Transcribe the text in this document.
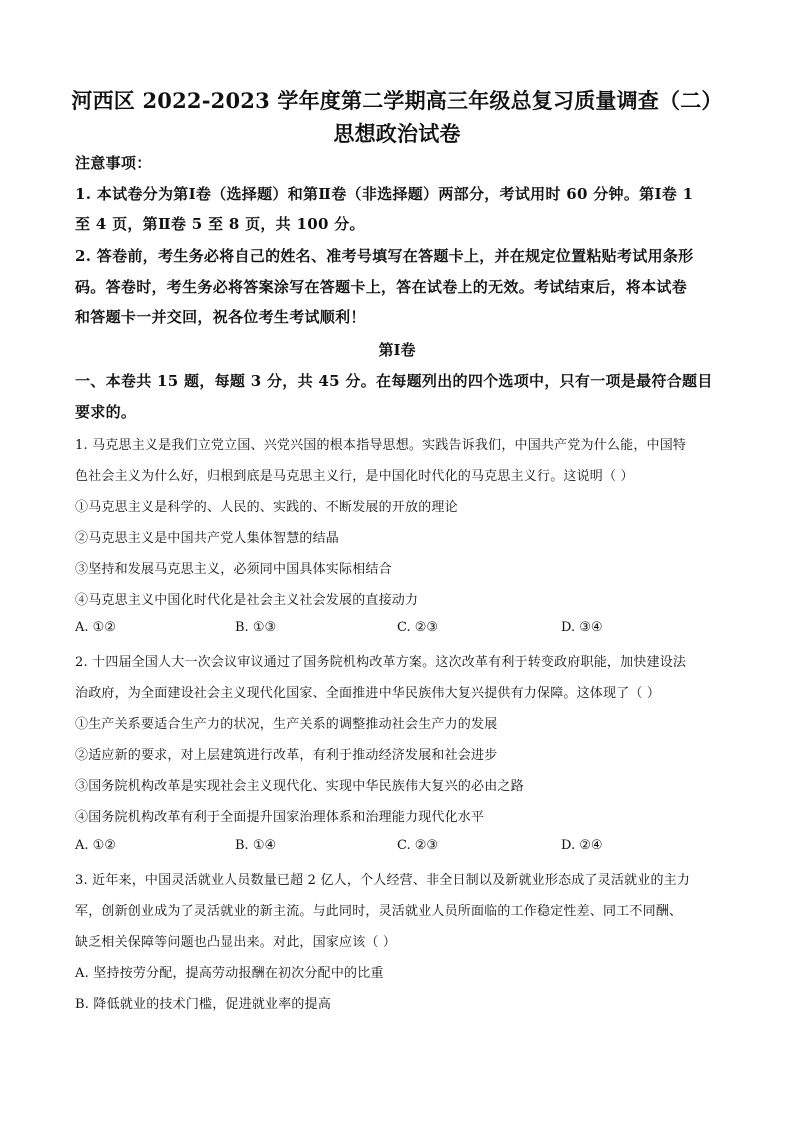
河西区 2022-2023 学年度第二学期高三年级总复习质量调查（二）
思想政治试卷
注意事项：
1. 本试卷分为第Ⅰ卷（选择题）和第Ⅱ卷（非选择题）两部分，考试用时 60 分钟。第Ⅰ卷 1
至 4 页，第Ⅱ卷 5 至 8 页，共 100 分。
2. 答卷前，考生务必将自己的姓名、准考号填写在答题卡上，并在规定位置粘贴考试用条形
码。答卷时，考生务必将答案涂写在答题卡上，答在试卷上的无效。考试结束后，将本试卷
和答题卡一并交回，祝各位考生考试顺利！
第Ⅰ卷
一、本卷共 15 题，每题 3 分，共 45 分。在每题列出的四个选项中，只有一项是最符合题目
要求的。
1. 马克思主义是我们立党立国、兴党兴国的根本指导思想。实践告诉我们，中国共产党为什么能，中国特
色社会主义为什么好，归根到底是马克思主义行，是中国化时代化的马克思主义行。这说明（ ）
①马克思主义是科学的、人民的、实践的、不断发展的开放的理论
②马克思主义是中国共产党人集体智慧的结晶
③坚持和发展马克思主义，必须同中国具体实际相结合
④马克思主义中国化时代化是社会主义社会发展的直接动力
A. ①②	B. ①③	C. ②③	D. ③④
2. 十四届全国人大一次会议审议通过了国务院机构改革方案。这次改革有利于转变政府职能，加快建设法
治政府，为全面建设社会主义现代化国家、全面推进中华民族伟大复兴提供有力保障。这体现了（ ）
①生产关系要适合生产力的状况，生产关系的调整推动社会生产力的发展
②适应新的要求，对上层建筑进行改革，有利于推动经济发展和社会进步
③国务院机构改革是实现社会主义现代化、实现中华民族伟大复兴的必由之路
④国务院机构改革有利于全面提升国家治理体系和治理能力现代化水平
A. ①②	B. ①④	C. ②③	D. ②④
3. 近年来，中国灵活就业人员数量已超 2 亿人，个人经营、非全日制以及新就业形态成了灵活就业的主力
军，创新创业成为了灵活就业的新主流。与此同时，灵活就业人员所面临的工作稳定性差、同工不同酬、
缺乏相关保障等问题也凸显出来。对此，国家应该（ ）
A. 坚持按劳分配，提高劳动报酬在初次分配中的比重
B. 降低就业的技术门槛，促进就业率的提高
